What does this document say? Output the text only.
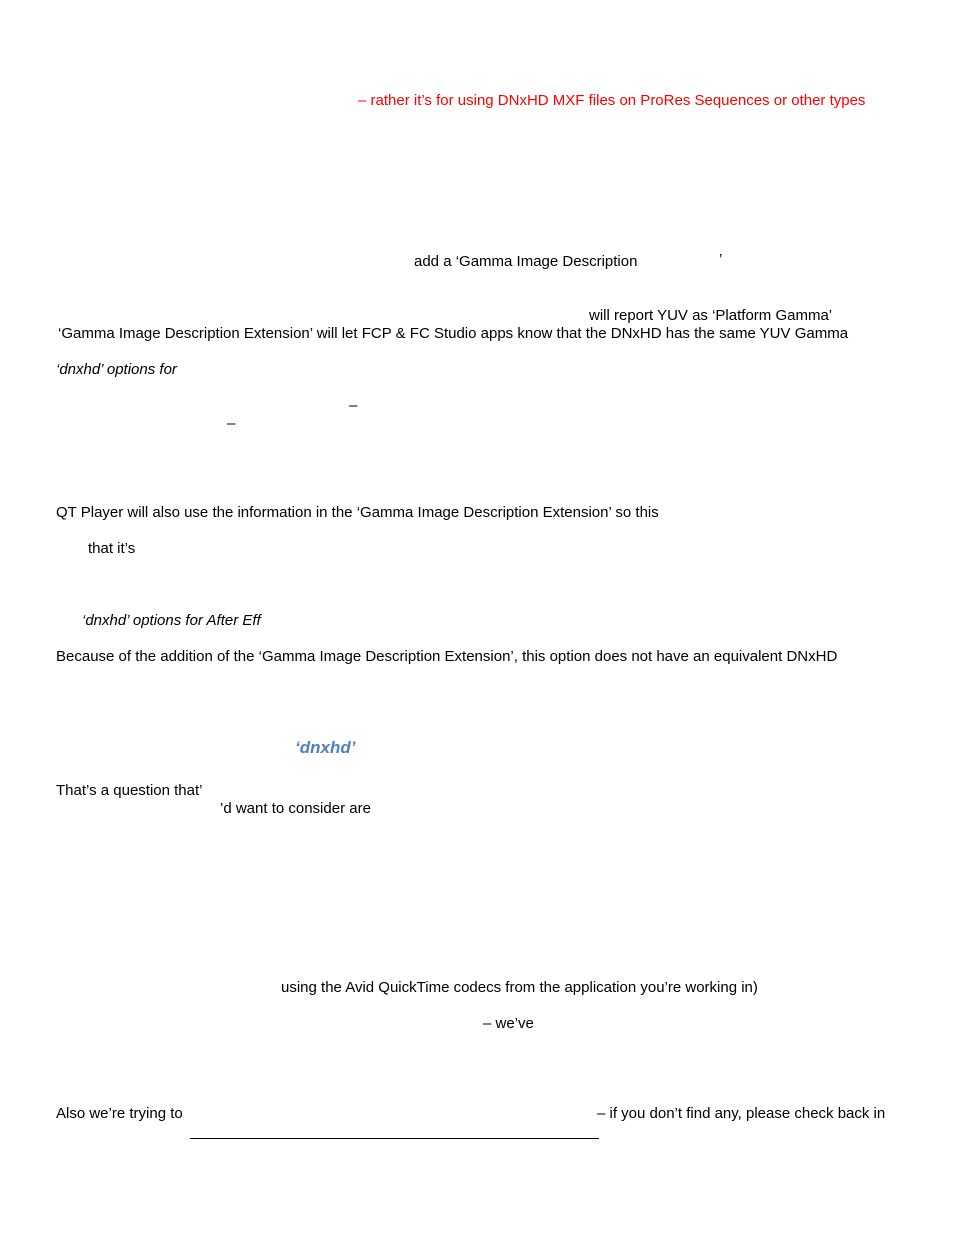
– rather it’s for using DNxHD MXF files on ProRes Sequences or other types
add a ‘Gamma Image Description	’
will report YUV as ‘Platform Gamma’
‘Gamma Image Description Extension’ will let FCP & FC Studio apps know that the DNxHD has the same YUV Gamma
‘dnxhd’ options for
–
–
QT Player will also use the information in the ‘Gamma Image Description Extension’ so this
that it’s
‘dnxhd’ options for After Eff
Because of the addition of the ‘Gamma Image Description Extension’, this option does not have an equivalent DNxHD
‘dnxhd’
That’s a question that’
’d want to consider are
using the Avid QuickTime codecs from the application you’re working in)
– we’ve
Also we’re trying to	– if you don’t find any, please check back in
